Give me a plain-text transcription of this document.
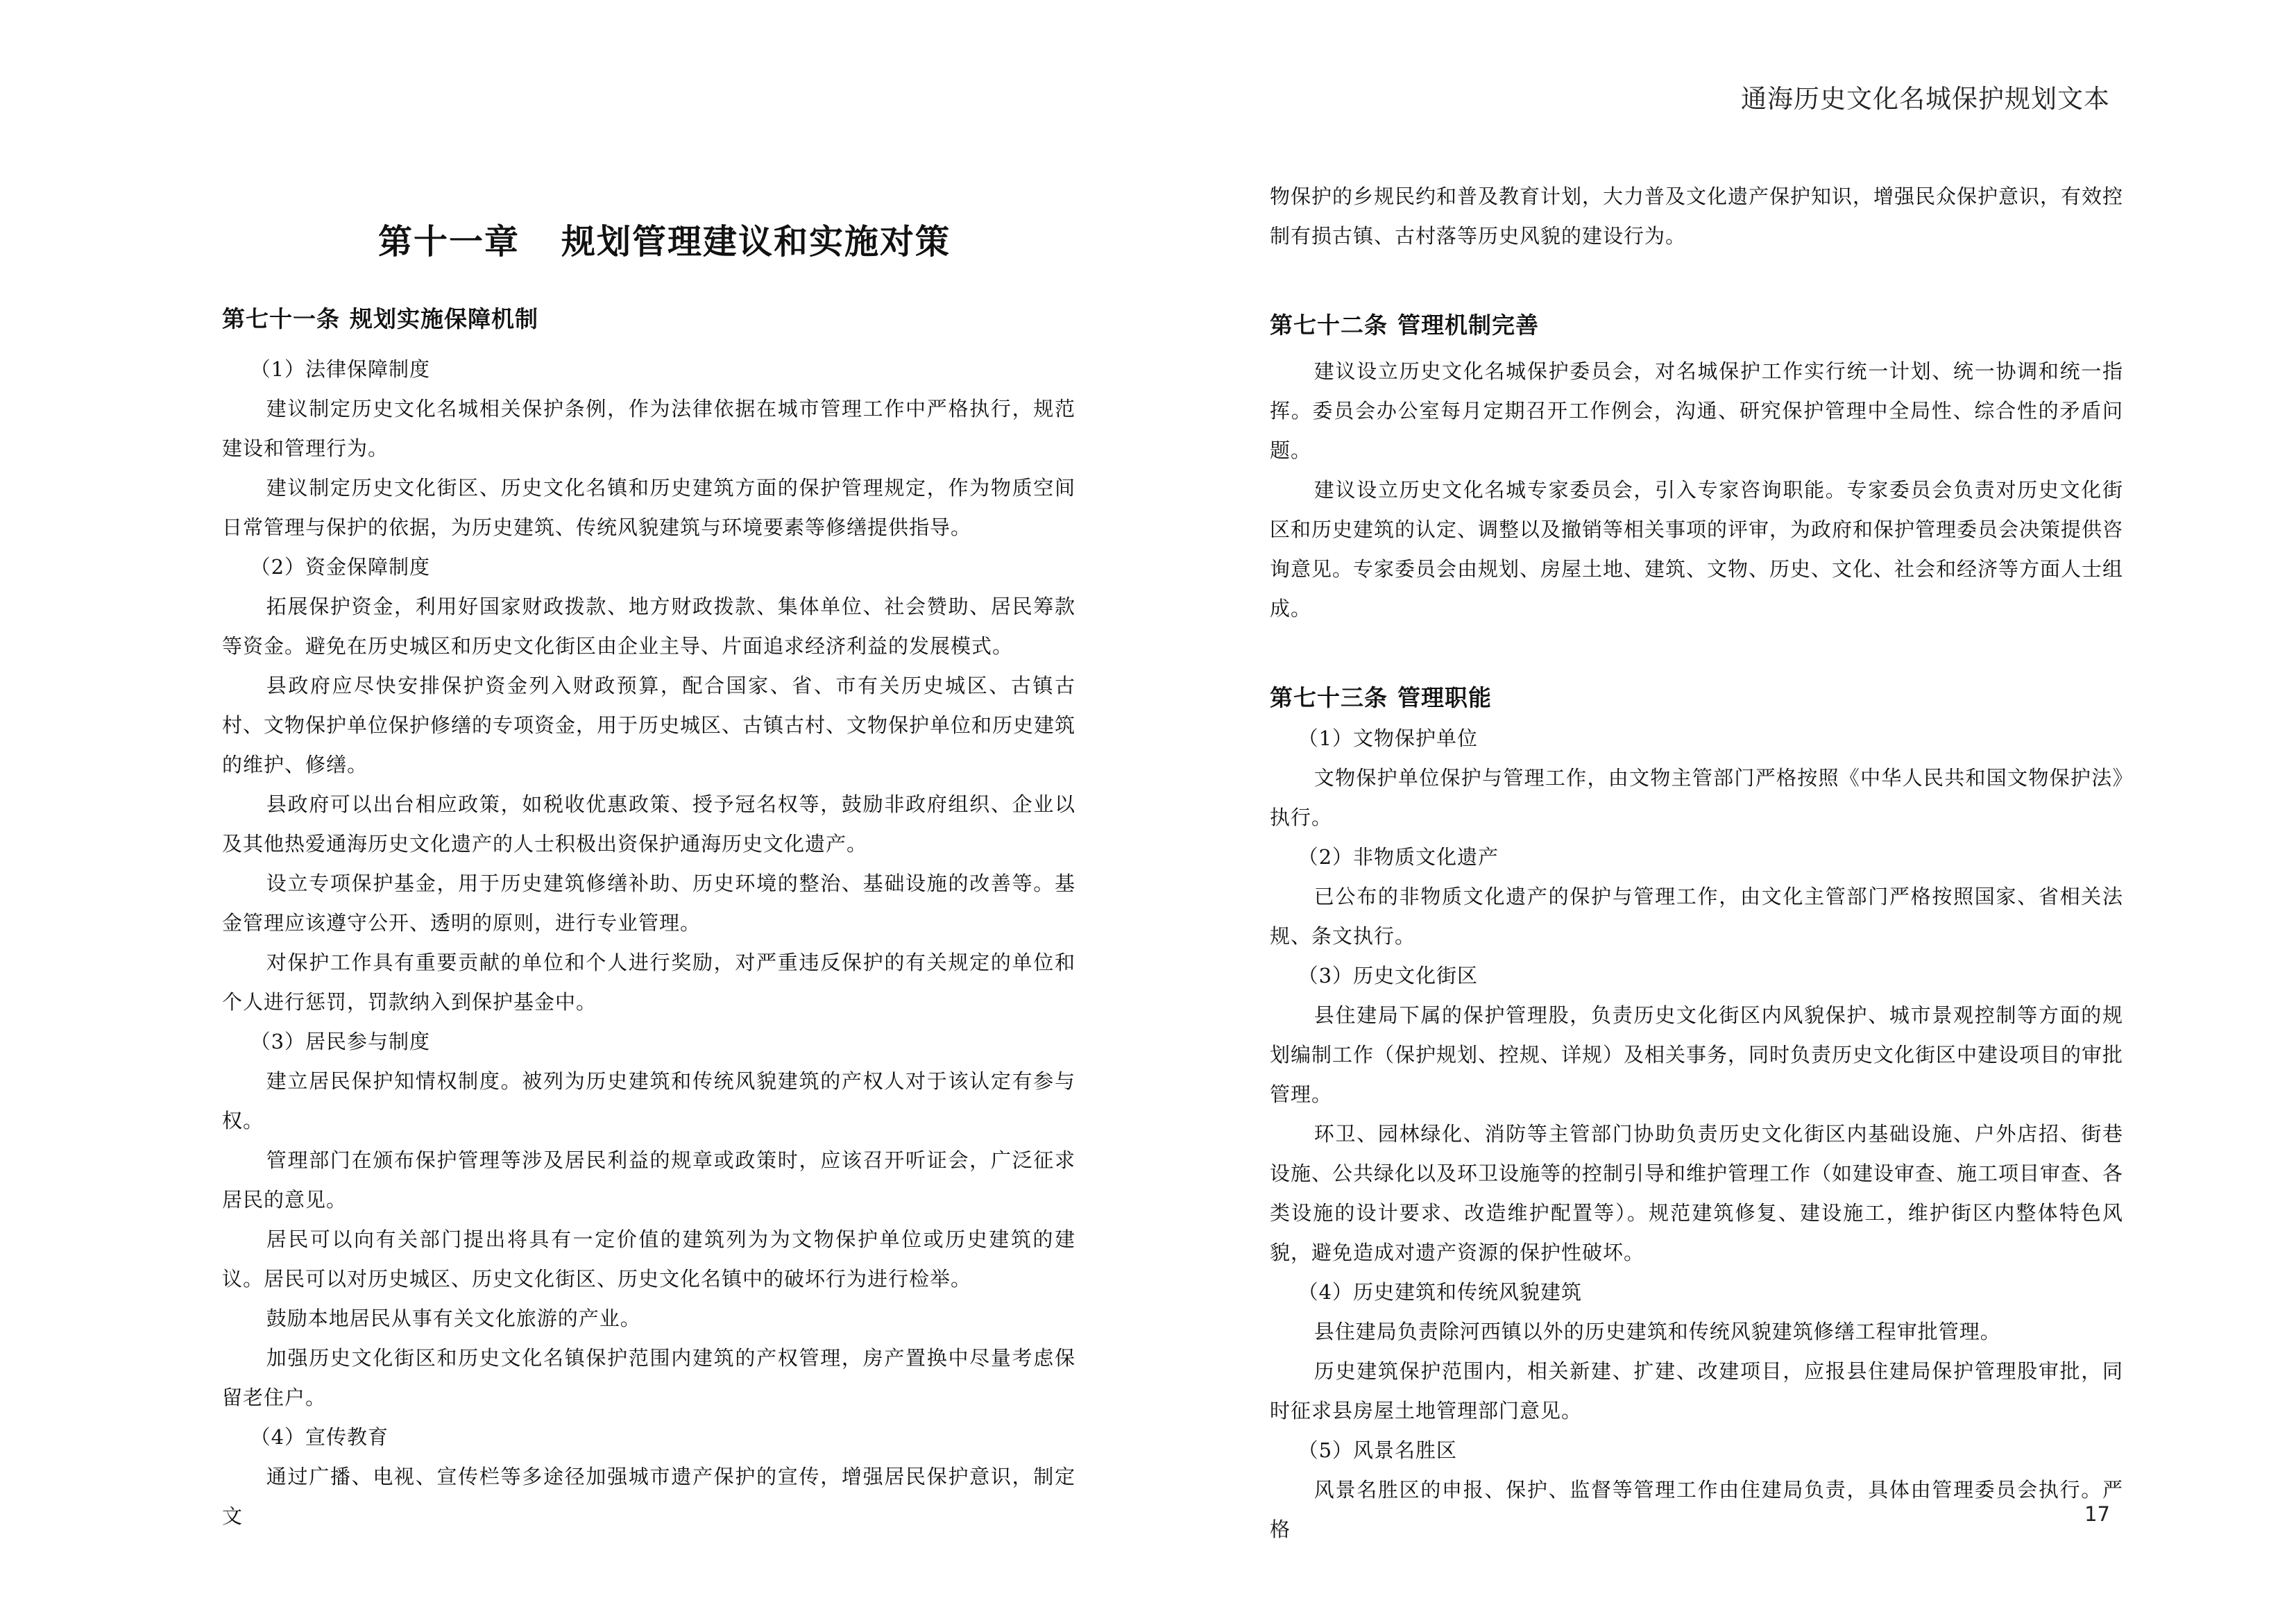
通海历史文化名城保护规划文本
第十一章 规划管理建议和实施对策
第七十一条 规划实施保障机制

（1）法律保障制度

建议制定历史文化名城相关保护条例，作为法律依据在城市管理工作中严格执行，规范建设和管理行为。

建议制定历史文化街区、历史文化名镇和历史建筑方面的保护管理规定，作为物质空间日常管理与保护的依据，为历史建筑、传统风貌建筑与环境要素等修缮提供指导。

（2）资金保障制度

拓展保护资金，利用好国家财政拨款、地方财政拨款、集体单位、社会赞助、居民筹款等资金。避免在历史城区和历史文化街区由企业主导、片面追求经济利益的发展模式。

县政府应尽快安排保护资金列入财政预算，配合国家、省、市有关历史城区、古镇古村、文物保护单位保护修缮的专项资金，用于历史城区、古镇古村、文物保护单位和历史建筑的维护、修缮。

县政府可以出台相应政策，如税收优惠政策、授予冠名权等，鼓励非政府组织、企业以及其他热爱通海历史文化遗产的人士积极出资保护通海历史文化遗产。

设立专项保护基金，用于历史建筑修缮补助、历史环境的整治、基础设施的改善等。基金管理应该遵守公开、透明的原则，进行专业管理。

对保护工作具有重要贡献的单位和个人进行奖励，对严重违反保护的有关规定的单位和个人进行惩罚，罚款纳入到保护基金中。

（3）居民参与制度

建立居民保护知情权制度。被列为历史建筑和传统风貌建筑的产权人对于该认定有参与权。

管理部门在颁布保护管理等涉及居民利益的规章或政策时，应该召开听证会，广泛征求居民的意见。

居民可以向有关部门提出将具有一定价值的建筑列为为文物保护单位或历史建筑的建议。居民可以对历史城区、历史文化街区、历史文化名镇中的破坏行为进行检举。

鼓励本地居民从事有关文化旅游的产业。

加强历史文化街区和历史文化名镇保护范围内建筑的产权管理，房产置换中尽量考虑保留老住户。

（4）宣传教育

通过广播、电视、宣传栏等多途径加强城市遗产保护的宣传，增强居民保护意识，制定文

物保护的乡规民约和普及教育计划，大力普及文化遗产保护知识，增强民众保护意识，有效控制有损古镇、古村落等历史风貌的建设行为。

第七十二条 管理机制完善

建议设立历史文化名城保护委员会，对名城保护工作实行统一计划、统一协调和统一指挥。委员会办公室每月定期召开工作例会，沟通、研究保护管理中全局性、综合性的矛盾问题。

建议设立历史文化名城专家委员会，引入专家咨询职能。专家委员会负责对历史文化街区和历史建筑的认定、调整以及撤销等相关事项的评审，为政府和保护管理委员会决策提供咨询意见。专家委员会由规划、房屋土地、建筑、文物、历史、文化、社会和经济等方面人士组成。

第七十三条 管理职能

（1）文物保护单位

文物保护单位保护与管理工作，由文物主管部门严格按照《中华人民共和国文物保护法》执行。

（2）非物质文化遗产

已公布的非物质文化遗产的保护与管理工作，由文化主管部门严格按照国家、省相关法规、条文执行。

（3）历史文化街区

县住建局下属的保护管理股，负责历史文化街区内风貌保护、城市景观控制等方面的规划编制工作（保护规划、控规、详规）及相关事务，同时负责历史文化街区中建设项目的审批管理。

环卫、园林绿化、消防等主管部门协助负责历史文化街区内基础设施、户外店招、街巷设施、公共绿化以及环卫设施等的控制引导和维护管理工作（如建设审查、施工项目审查、各类设施的设计要求、改造维护配置等）。规范建筑修复、建设施工，维护街区内整体特色风貌，避免造成对遗产资源的保护性破坏。

（4）历史建筑和传统风貌建筑

县住建局负责除河西镇以外的历史建筑和传统风貌建筑修缮工程审批管理。

历史建筑保护范围内，相关新建、扩建、改建项目，应报县住建局保护管理股审批，同时征求县房屋土地管理部门意见。

（5）风景名胜区

风景名胜区的申报、保护、监督等管理工作由住建局负责，具体由管理委员会执行。严格

17
